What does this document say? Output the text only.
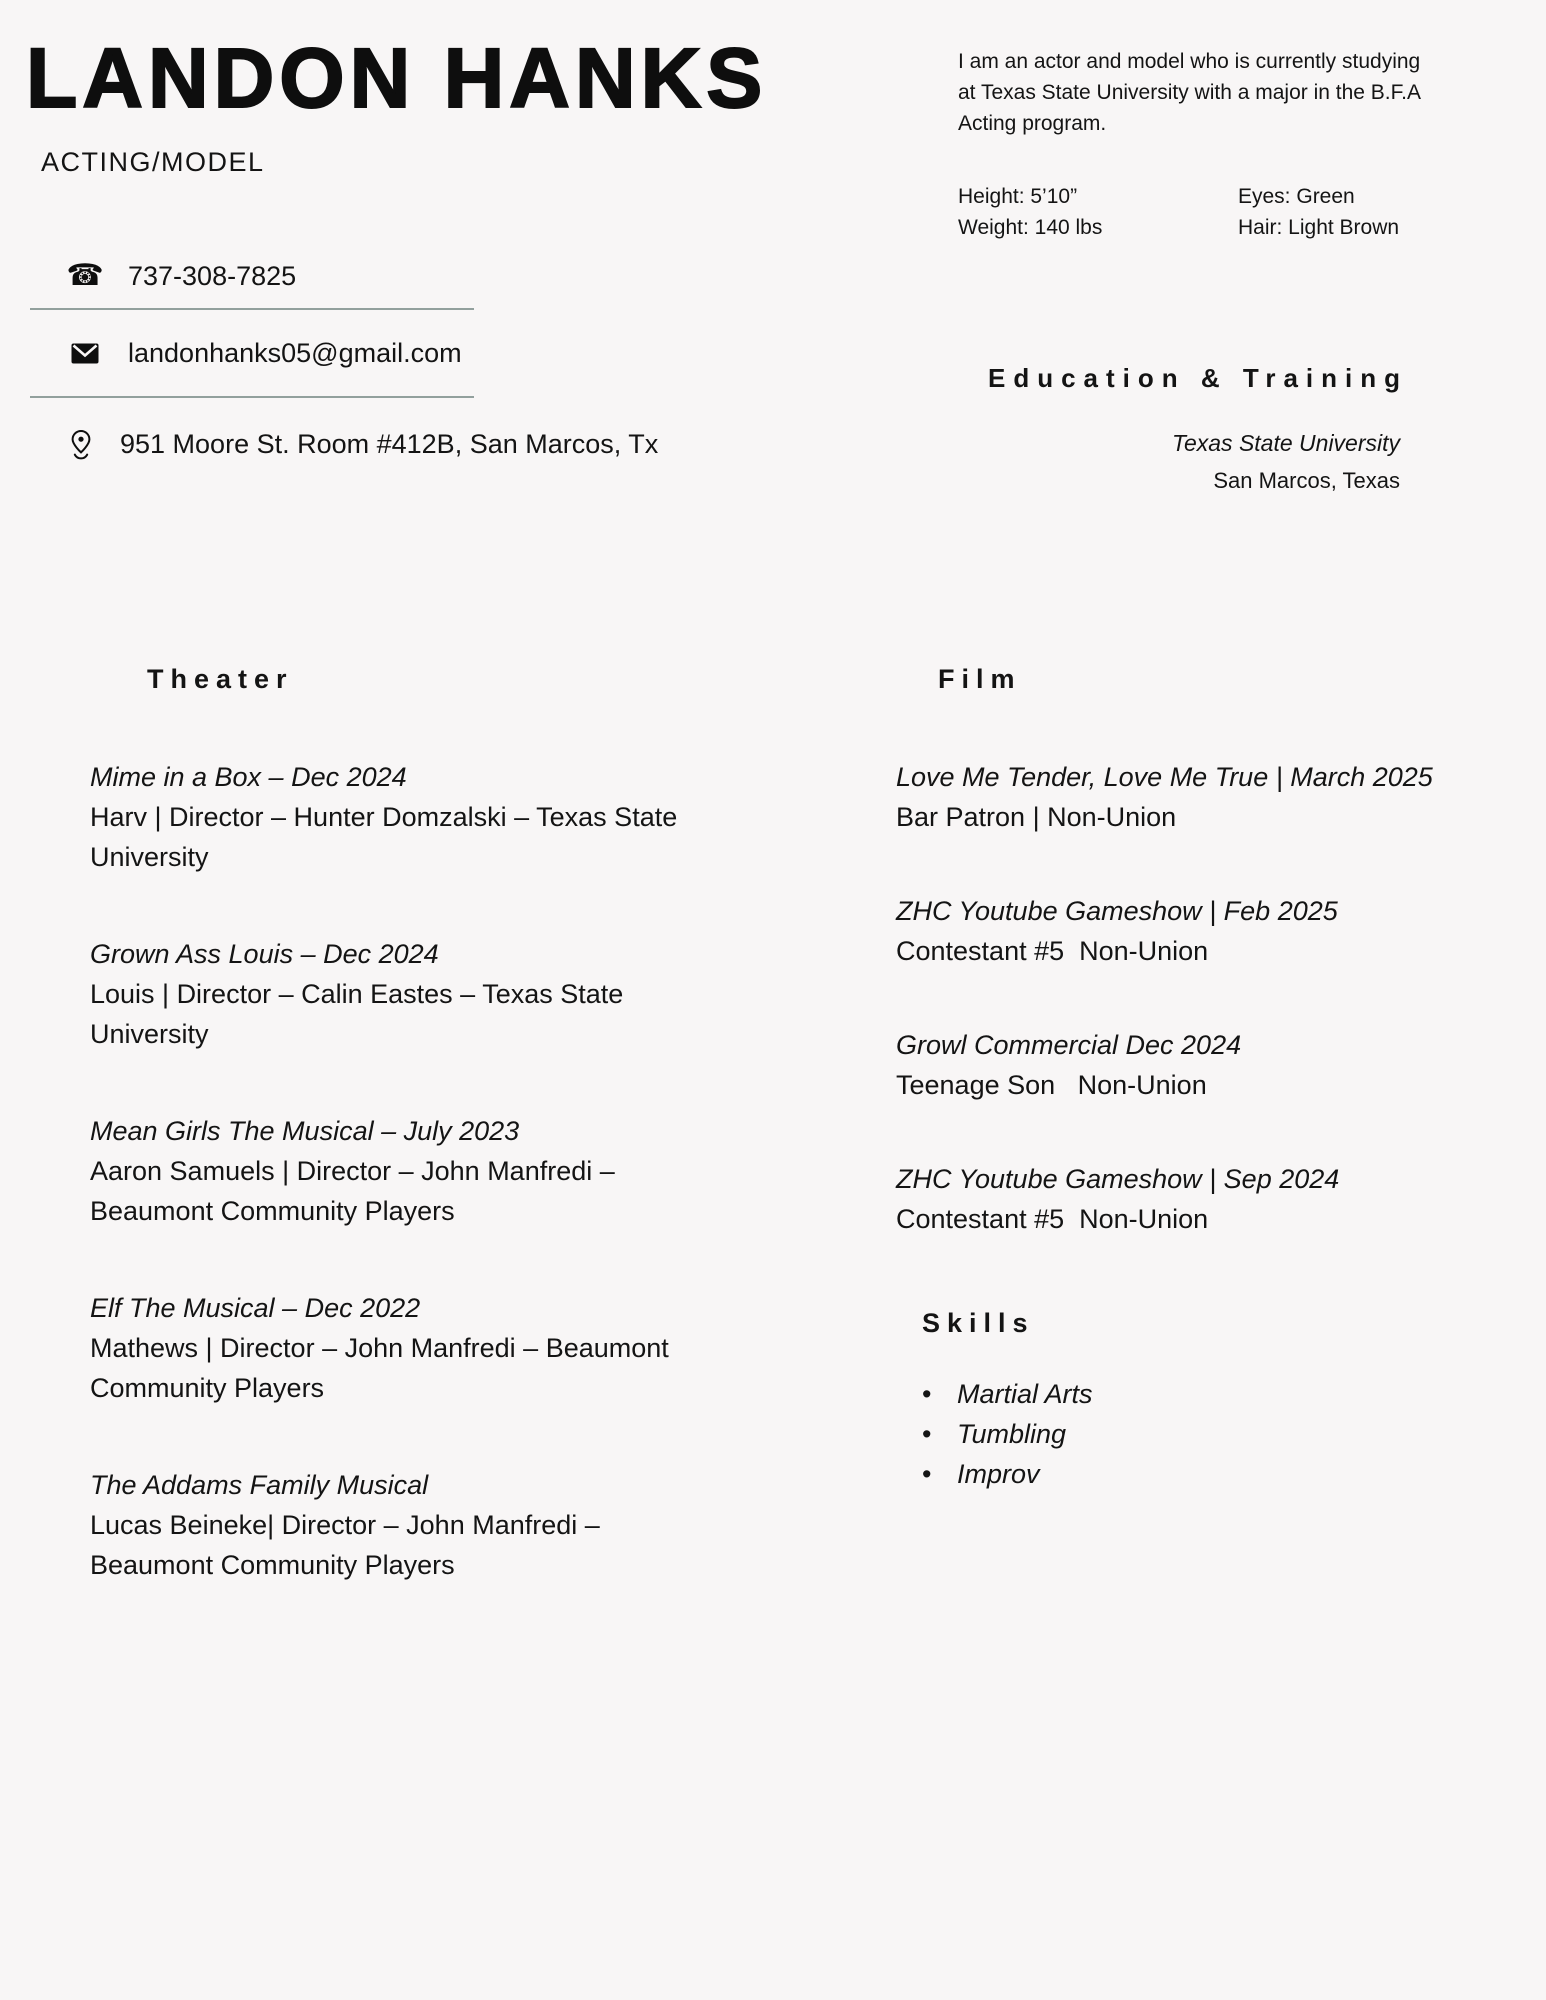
LANDON HANKS
ACTING/MODEL
☎ 737-308-7825
landonhanks05@gmail.com
951 Moore St. Room #412B, San Marcos, Tx
I am an actor and model who is currently studying
at Texas State University with a major in the B.F.A
Acting program.
Height: 5’10”
Weight: 140 lbs
Eyes: Green
Hair: Light Brown
Education & Training
Texas State University
San Marcos, Texas
Theater
Mime in a Box – Dec 2024
Harv | Director – Hunter Domzalski – Texas State
University
Grown Ass Louis – Dec 2024
Louis | Director – Calin Eastes – Texas State
University
Mean Girls The Musical – July 2023
Aaron Samuels | Director – John Manfredi –
Beaumont Community Players
Elf The Musical – Dec 2022
Mathews | Director – John Manfredi – Beaumont
Community Players
The Addams Family Musical
Lucas Beineke| Director – John Manfredi –
Beaumont Community Players
Film
Love Me Tender, Love Me True | March 2025
Bar Patron | Non-Union
ZHC Youtube Gameshow | Feb 2025
Contestant #5  Non-Union
Growl Commercial Dec 2024
Teenage Son   Non-Union
ZHC Youtube Gameshow | Sep 2024
Contestant #5  Non-Union
Skills
• Martial Arts
• Tumbling
• Improv
